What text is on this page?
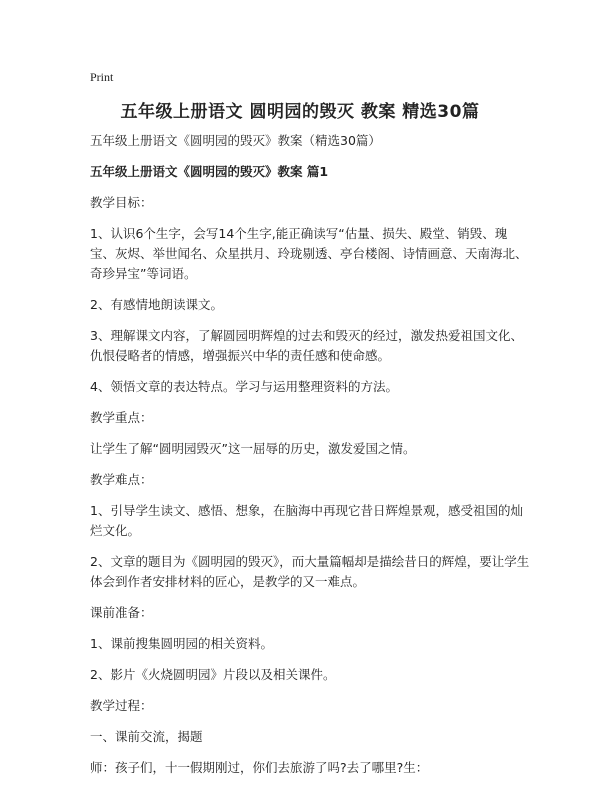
Print
五年级上册语文 圆明园的毁灭 教案 精选30篇

五年级上册语文《圆明园的毁灭》教案（精选30篇）

五年级上册语文《圆明园的毁灭》教案 篇1

教学目标：

1、认识6个生字，会写14个生字,能正确读写“估量、损失、殿堂、销毁、瑰宝、灰烬、举世闻名、众星拱月、玲珑剔透、亭台楼阁、诗情画意、天南海北、奇珍异宝”等词语。

2、有感情地朗读课文。

3、理解课文内容，了解圆园明辉煌的过去和毁灭的经过，激发热爱祖国文化、仇恨侵略者的情感，增强振兴中华的责任感和使命感。

4、领悟文章的表达特点。学习与运用整理资料的方法。

教学重点：

让学生了解“圆明园毁灭”这一屈辱的历史，激发爱国之情。

教学难点：

1、引导学生读文、感悟、想象，在脑海中再现它昔日辉煌景观，感受祖国的灿烂文化。

2、文章的题目为《圆明园的毁灭》，而大量篇幅却是描绘昔日的辉煌，要让学生体会到作者安排材料的匠心，是教学的又一难点。

课前准备：

1、课前搜集圆明园的相关资料。

2、影片《火烧圆明园》片段以及相关课件。

教学过程：

一、课前交流，揭题

师：孩子们，十一假期刚过，你们去旅游了吗?去了哪里?生：
